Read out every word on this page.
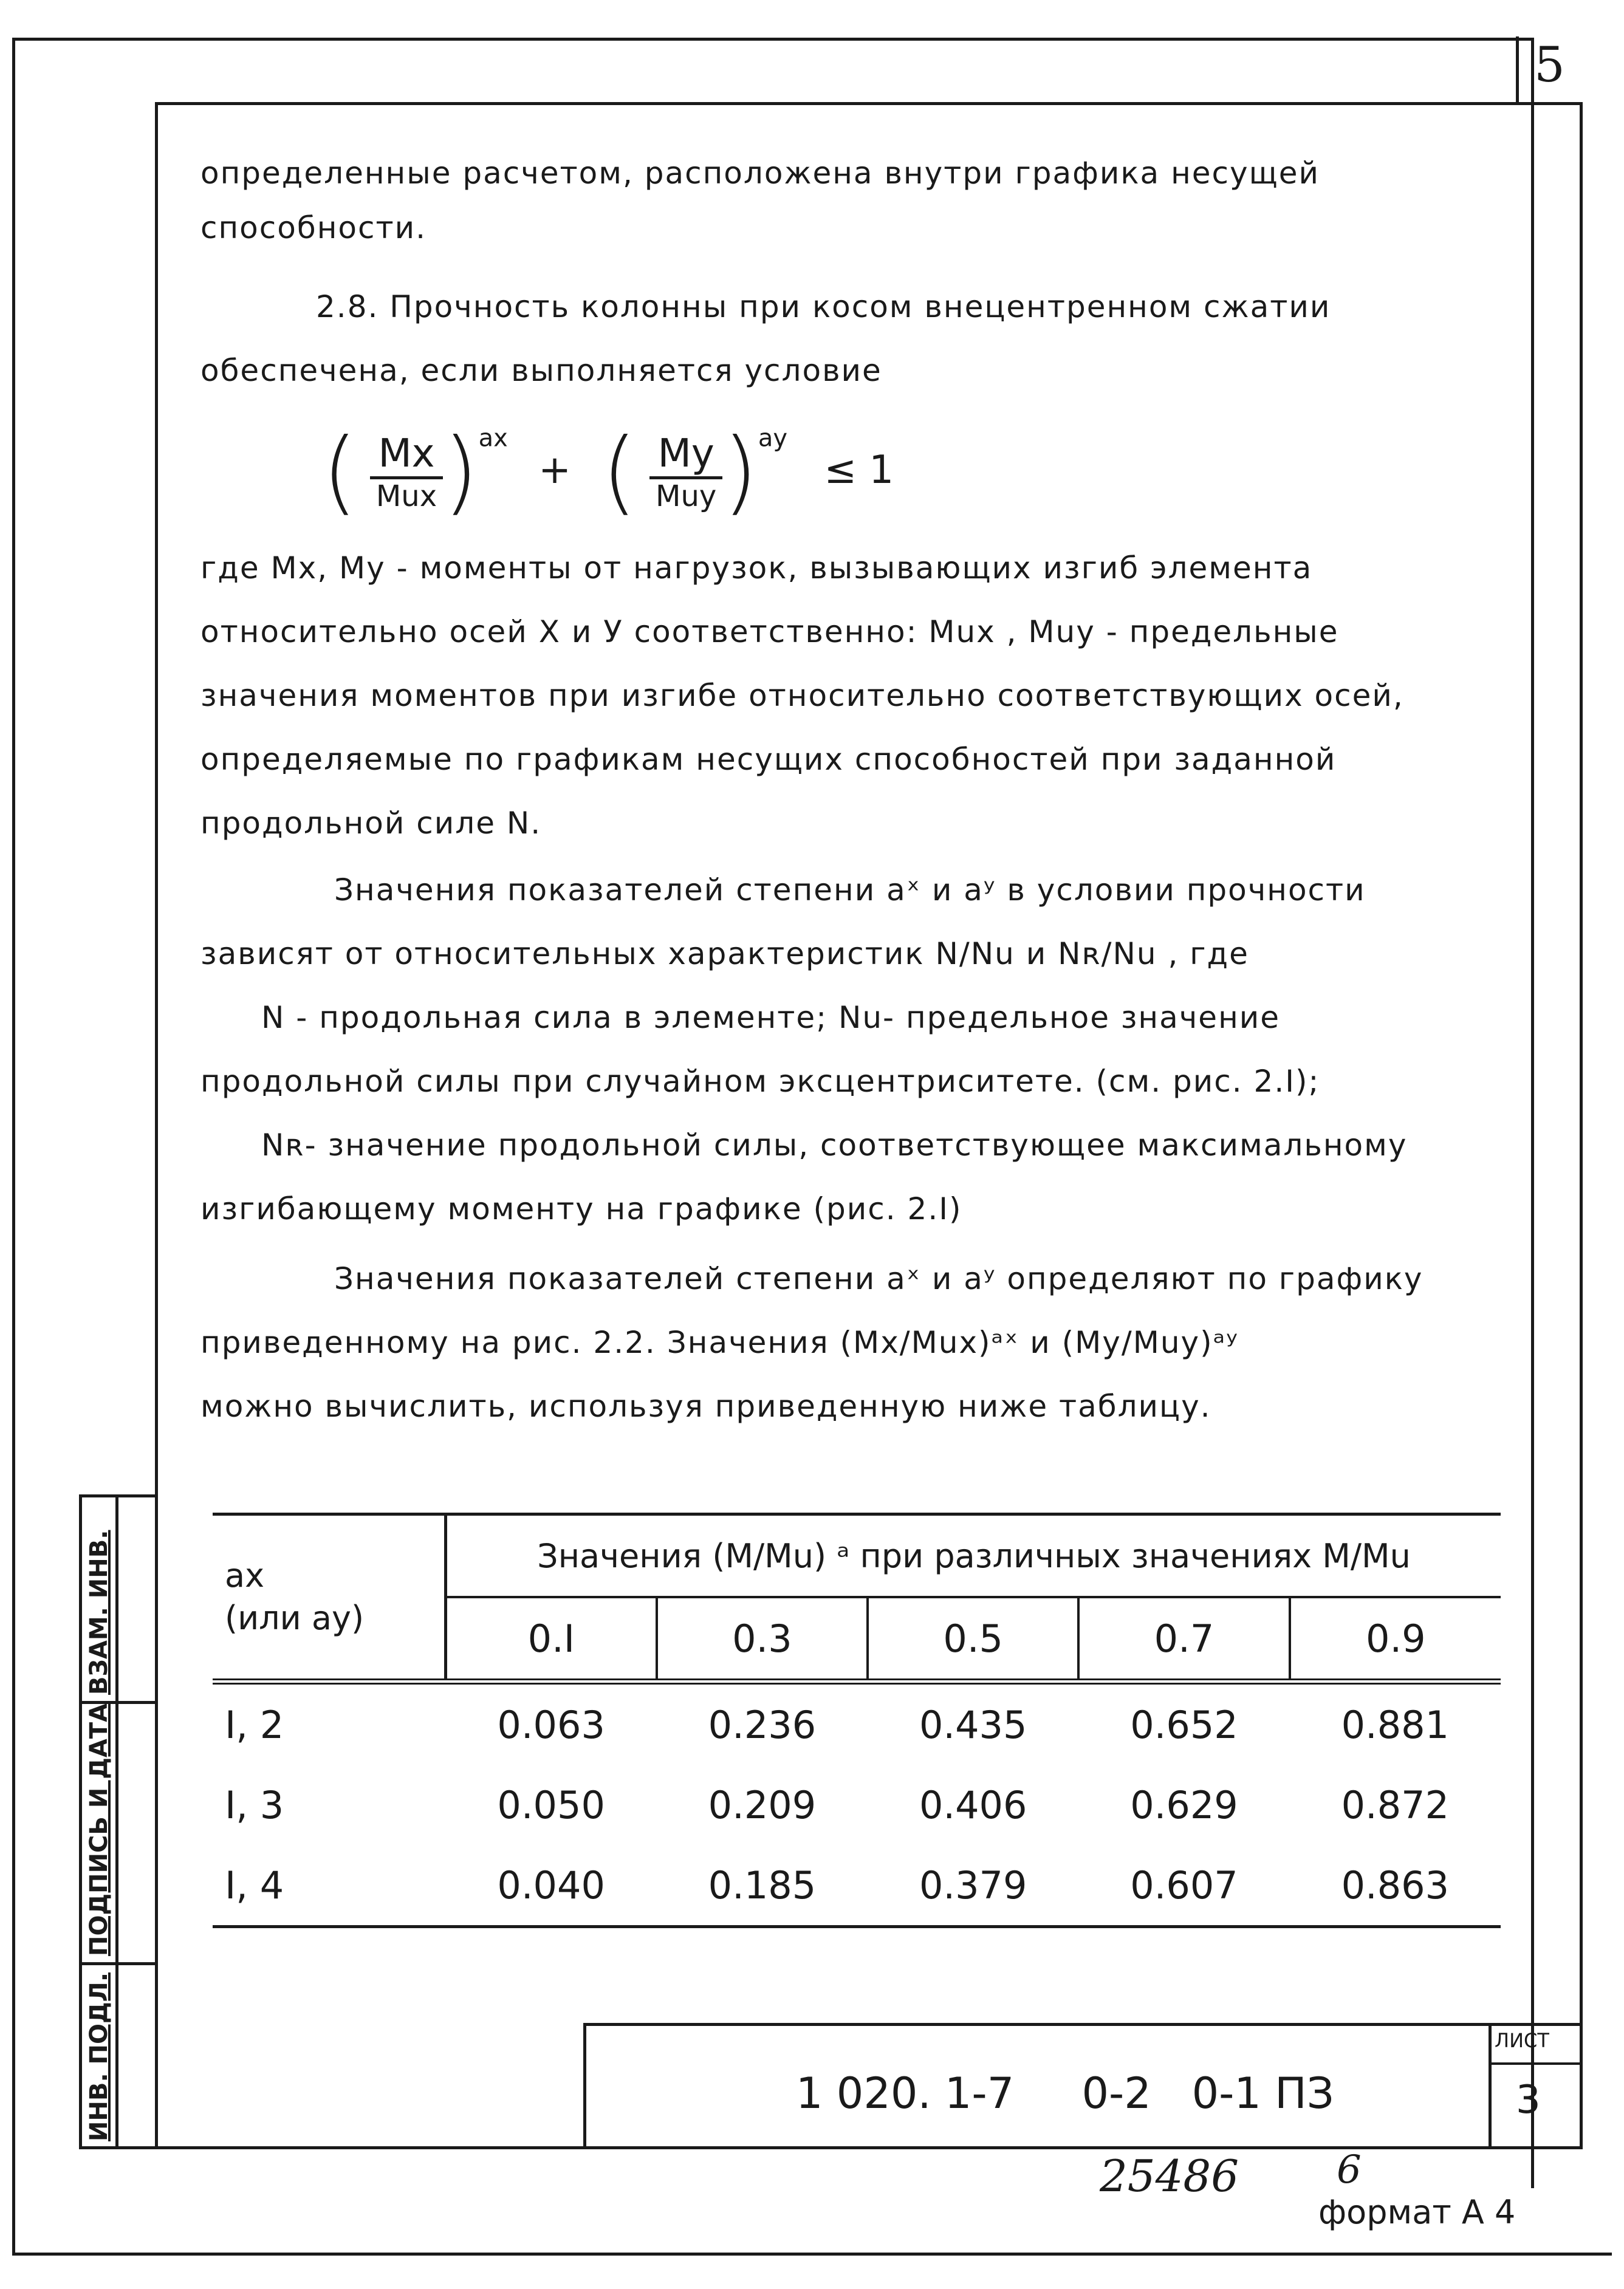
5
определенные расчетом, расположена внутри графика несущей
способности.
2.8. Прочность колонны при косом внецентренном сжатии
обеспечена, если выполняется условие
( $\frac{Mx}{\text{Mux}} )^{ax}$ + ( $\frac{My}{\text{Muy}} )^{ay} \le 1$
где Mx, My - моменты от нагрузок, вызывающих изгиб элемента
относительно осей X и У соответственно: Mux , Muy - предельные
значения моментов при изгибе относительно соответствующих осей,
определяемые по графикам несущих способностей при заданной
продольной силе N.
Значения показателей степени aˣ и aʸ в условии прочности
зависят от относительных характеристик N/Nu и Nʀ/Nu , где
N - продольная сила в элементе; Nu- предельное значение
продольной силы при случайном эксцентриситете. (см. рис. 2.I);
Nʀ- значение продольной силы, соответствующее максимальному
изгибающему моменту на графике (рис. 2.I)
Значения показателей степени aˣ и aʸ определяют по графику
приведенному на рис. 2.2. Значения (Mx/Mux)ᵃˣ и (My/Muy)ᵃʸ
можно вычислить, используя приведенную ниже таблицу.
ax
(или ay)	Значения (M/Mu) ᵃ при различных значениях M/Mu				
	0.I	0.3	0.5	0.7	0.9
I, 2	0.063	0.236	0.435	0.652	0.881
I, 3	0.050	0.209	0.406	0.629	0.872
I, 4	0.040	0.185	0.379	0.607	0.863
ВЗАМ. ИНВ.
ПОДПИСЬ И ДАТА
ИНВ. ПОДЛ.	1 020. 1-7     0-2   0-1 ПЗ
ЛИСТ
3
25486	6
формат А 4
